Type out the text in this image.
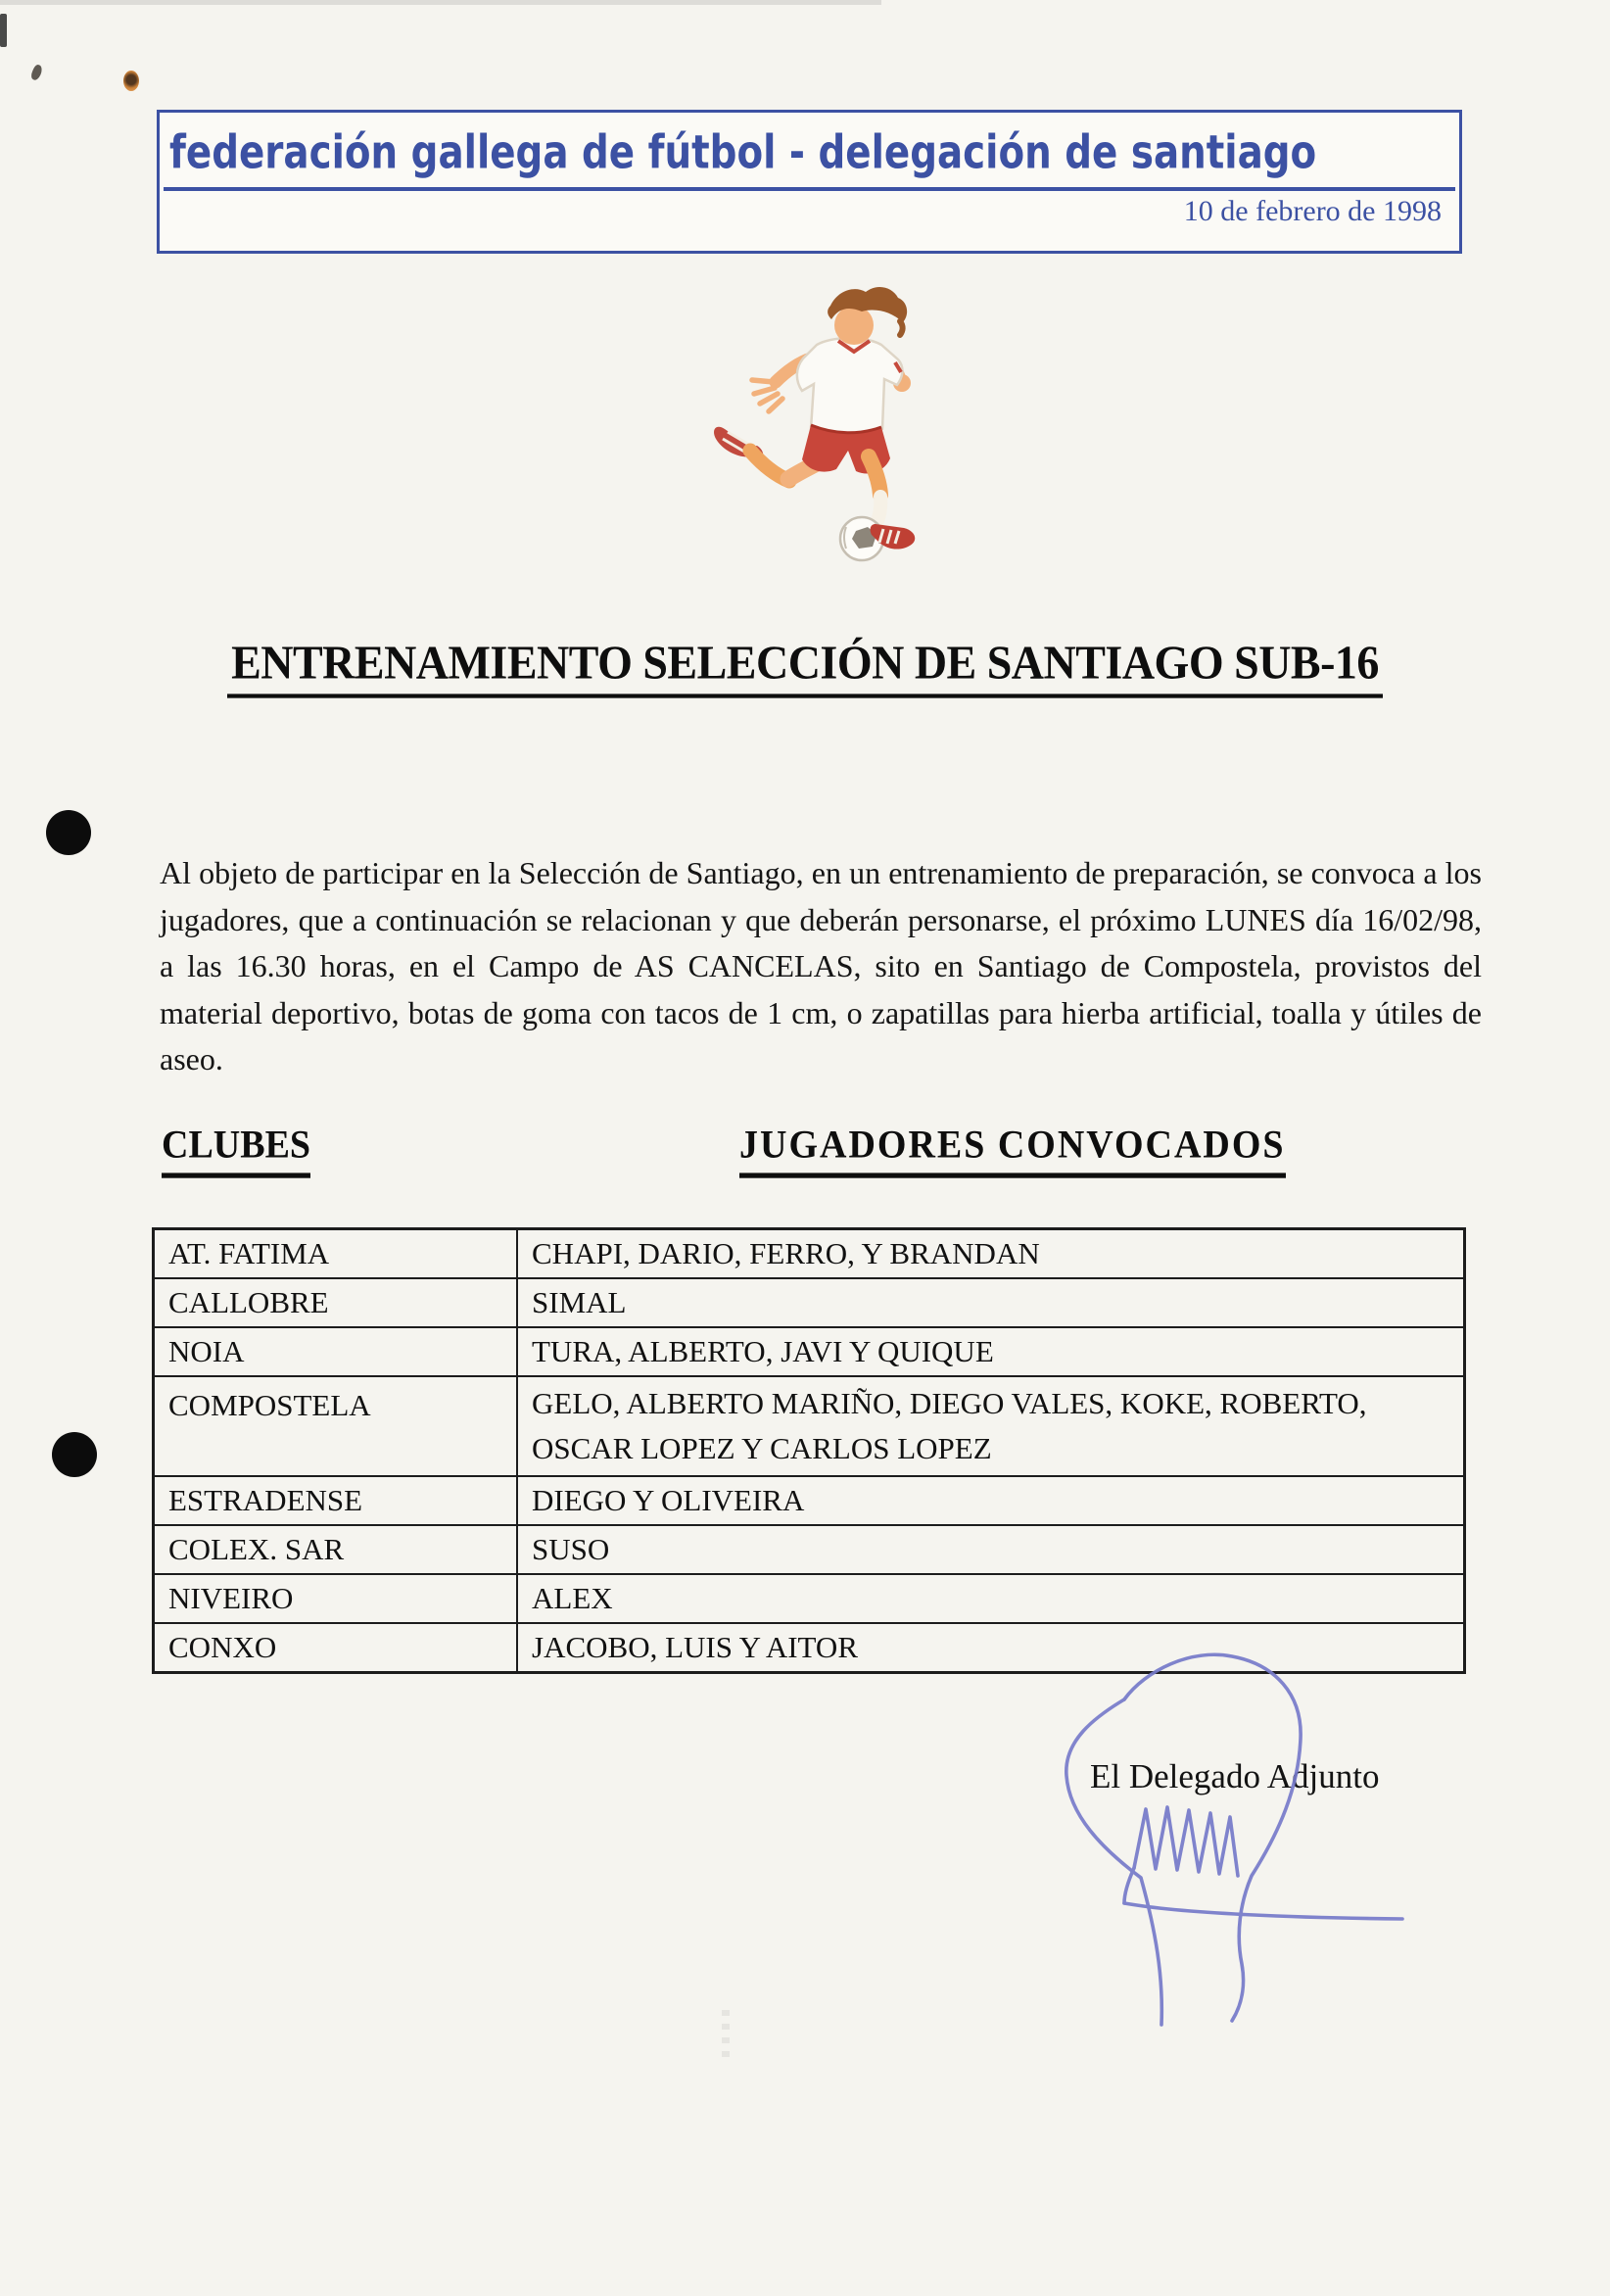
federación gallega de fútbol - delegación de santiago
10 de febrero de 1998
ENTRENAMIENTO SELECCIÓN DE SANTIAGO SUB-16

Al objeto de participar en la Selección de Santiago, en un entrenamiento de preparación, se convoca a los jugadores, que a continuación se relacionan y que deberán personarse, el próximo LUNES día 16/02/98, a las 16.30 horas, en el Campo de AS CANCELAS, sito en Santiago de Compostela, provistos del material deportivo, botas de goma con tacos de 1 cm, o zapatillas para hierba artificial, toalla y útiles de aseo.

CLUBES	JUGADORES CONVOCADOS
AT. FATIMA	CHAPI, DARIO, FERRO, Y BRANDAN
CALLOBRE	SIMAL
NOIA	TURA, ALBERTO, JAVI Y QUIQUE
COMPOSTELA	GELO, ALBERTO MARIÑO, DIEGO VALES, KOKE, ROBERTO, OSCAR LOPEZ Y CARLOS LOPEZ
ESTRADENSE	DIEGO Y OLIVEIRA
COLEX. SAR	SUSO
NIVEIRO	ALEX
CONXO	JACOBO, LUIS Y AITOR
El Delegado Adjunto
